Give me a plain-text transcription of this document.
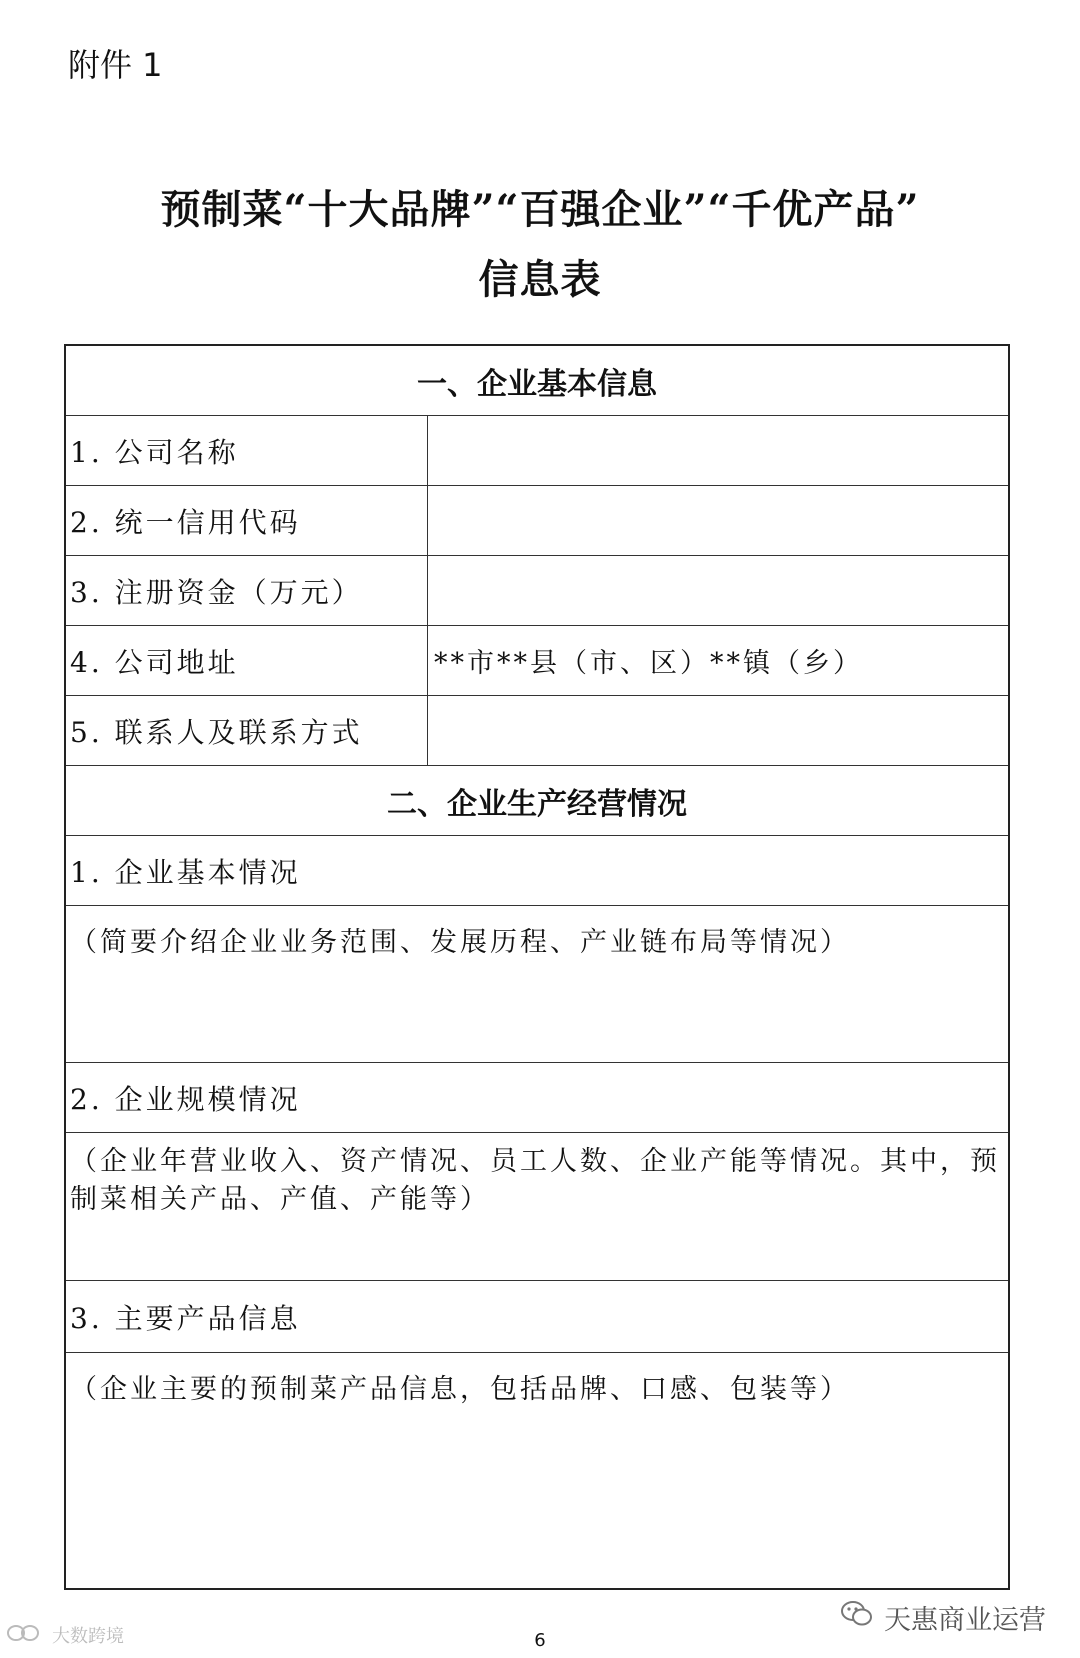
附件 1
预制菜“十大品牌”“百强企业”“千优产品”
信息表
一、企业基本信息
1. 公司名称
2. 统一信用代码
3. 注册资金（万元）
4. 公司地址	**市**县（市、区）**镇（乡）
5. 联系人及联系方式
二、企业生产经营情况
1. 企业基本情况
（简要介绍企业业务范围、发展历程、产业链布局等情况）
2. 企业规模情况
（企业年营业收入、资产情况、员工人数、企业产能等情况。其中，预制菜相关产品、产值、产能等）
3. 主要产品信息
（企业主要的预制菜产品信息，包括品牌、口感、包装等）
大数跨境
天惠商业运营
6
